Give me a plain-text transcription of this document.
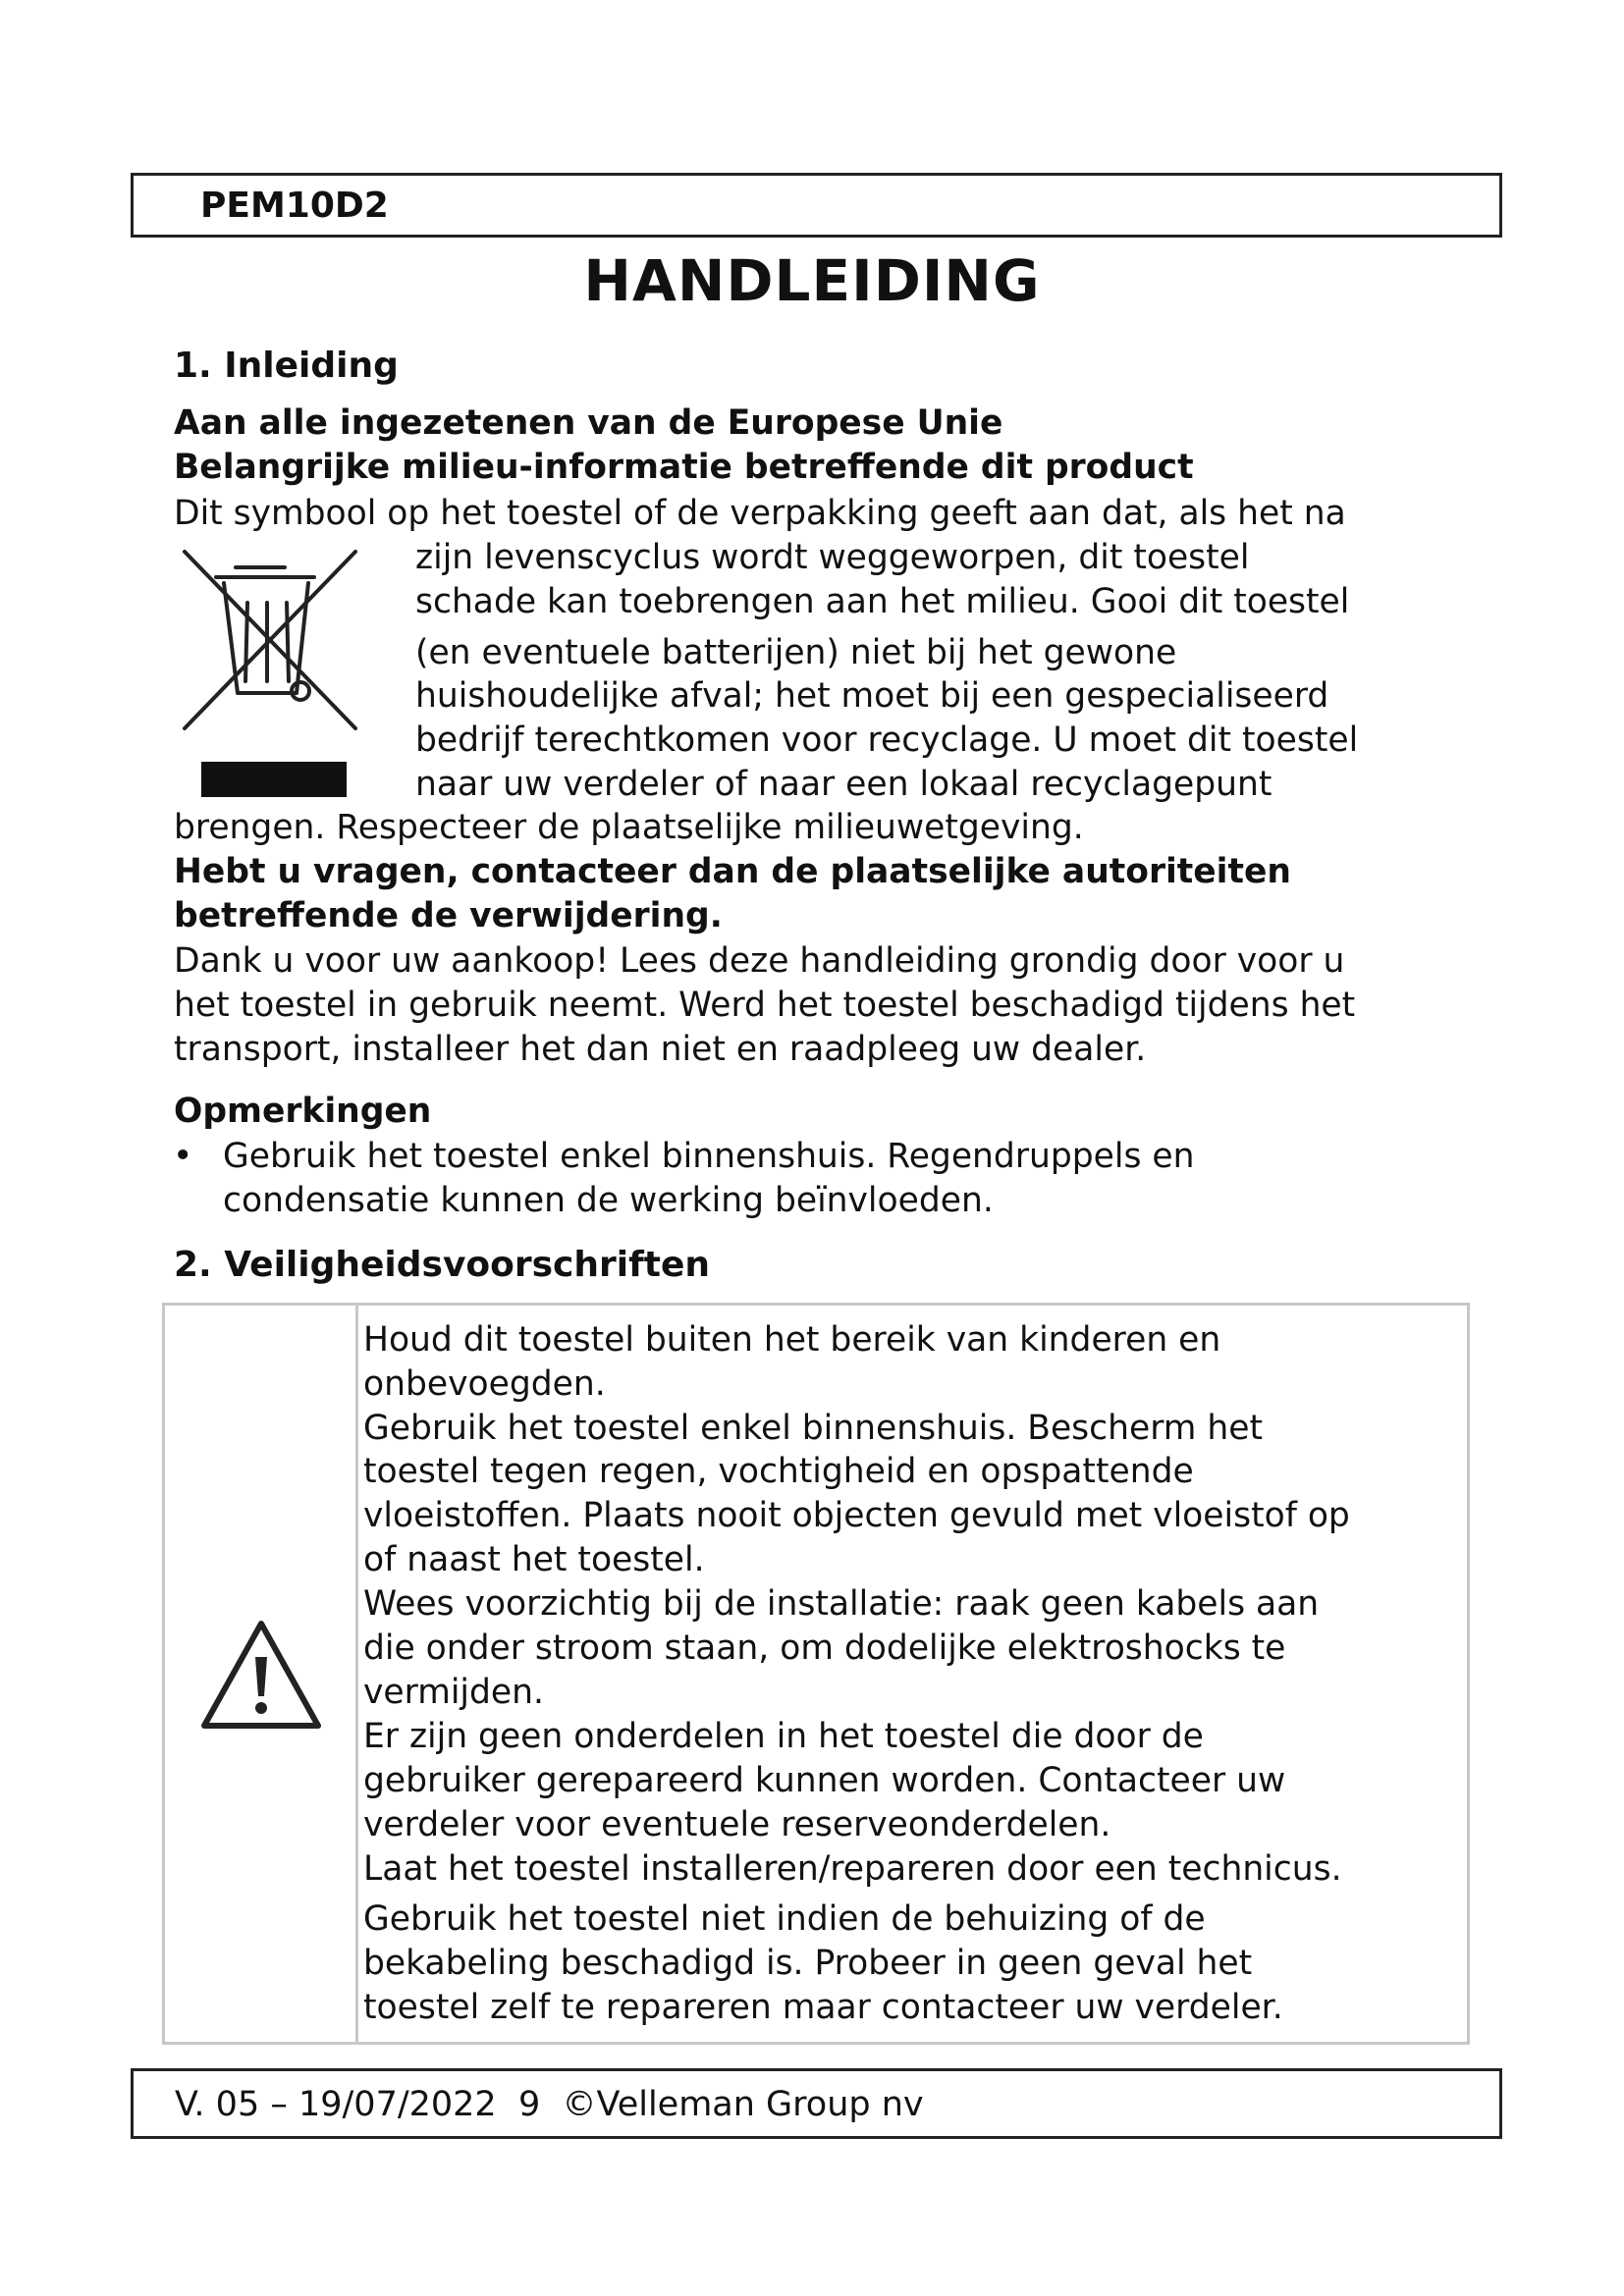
PEM10D2
HANDLEIDING
1. Inleiding
Aan alle ingezetenen van de Europese Unie
Belangrijke milieu-informatie betreffende dit product
Dit symbool op het toestel of de verpakking geeft aan dat, als het na
zijn levenscyclus wordt weggeworpen, dit toestel
schade kan toebrengen aan het milieu. Gooi dit toestel
(en eventuele batterijen) niet bij het gewone
huishoudelijke afval; het moet bij een gespecialiseerd
bedrijf terechtkomen voor recyclage. U moet dit toestel
naar uw verdeler of naar een lokaal recyclagepunt
brengen. Respecteer de plaatselijke milieuwetgeving.
Hebt u vragen, contacteer dan de plaatselijke autoriteiten
betreffende de verwijdering.
Dank u voor uw aankoop! Lees deze handleiding grondig door voor u
het toestel in gebruik neemt. Werd het toestel beschadigd tijdens het
transport, installeer het dan niet en raadpleeg uw dealer.
Opmerkingen
• Gebruik het toestel enkel binnenshuis. Regendruppels en
condensatie kunnen de werking beïnvloeden.
2. Veiligheidsvoorschriften
Houd dit toestel buiten het bereik van kinderen en
onbevoegden.
Gebruik het toestel enkel binnenshuis. Bescherm het
toestel tegen regen, vochtigheid en opspattende
vloeistoffen. Plaats nooit objecten gevuld met vloeistof op
of naast het toestel.
Wees voorzichtig bij de installatie: raak geen kabels aan
die onder stroom staan, om dodelijke elektroshocks te
vermijden.
Er zijn geen onderdelen in het toestel die door de
gebruiker gerepareerd kunnen worden. Contacteer uw
verdeler voor eventuele reserveonderdelen.
Laat het toestel installeren/repareren door een technicus.
Gebruik het toestel niet indien de behuizing of de
bekabeling beschadigd is. Probeer in geen geval het
toestel zelf te repareren maar contacteer uw verdeler.
V. 05 – 19/07/2022  9  ©Velleman Group nv
